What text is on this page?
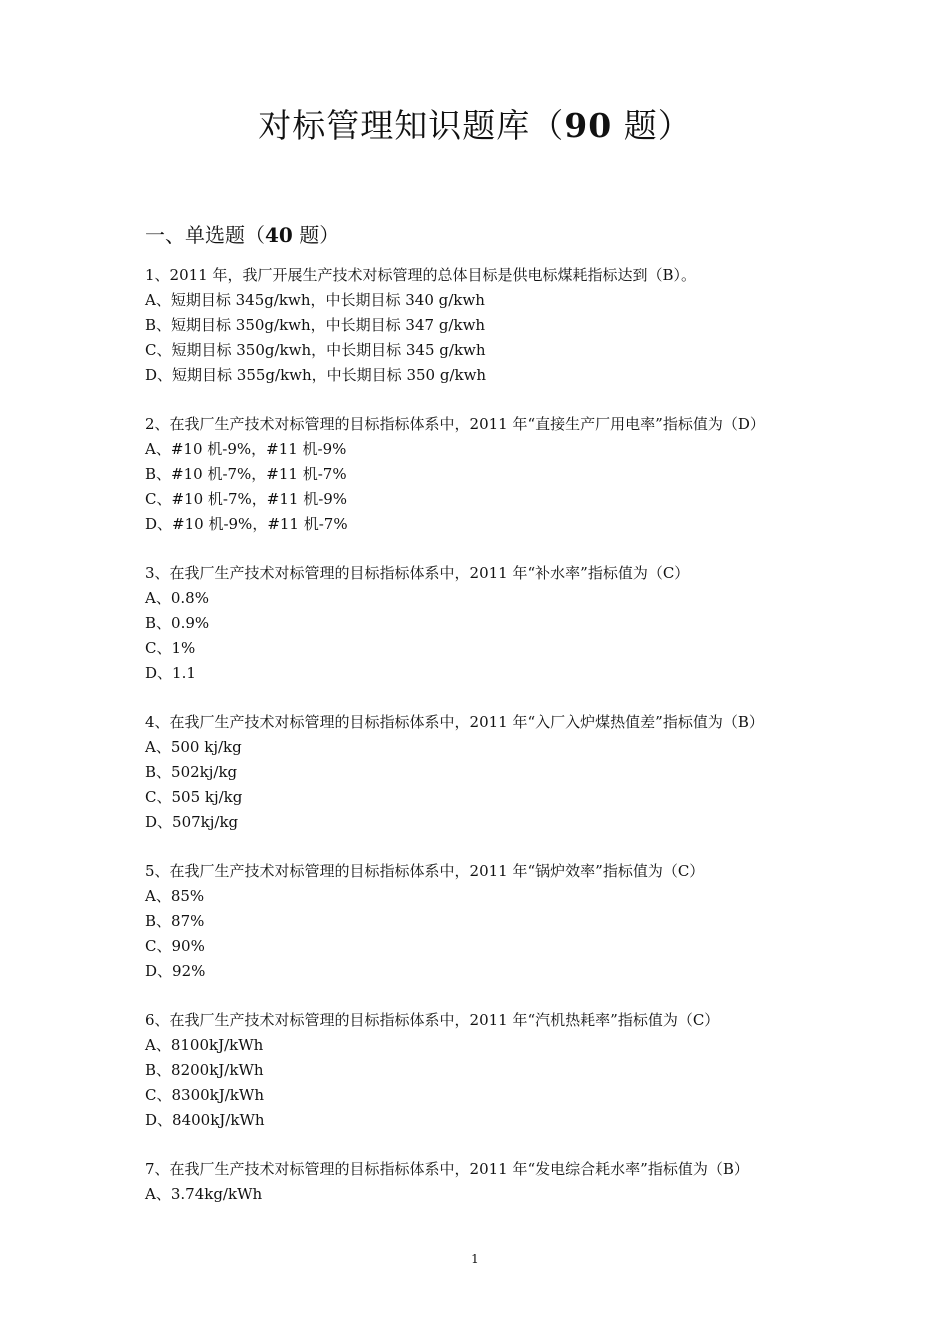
对标管理知识题库（90 题）
一、单选题（40 题）
1、2011 年，我厂开展生产技术对标管理的总体目标是供电标煤耗指标达到（B）。
A、短期目标 345g/kwh，中长期目标 340 g/kwh
B、短期目标 350g/kwh，中长期目标 347 g/kwh
C、短期目标 350g/kwh，中长期目标 345 g/kwh
D、短期目标 355g/kwh，中长期目标 350 g/kwh
2、在我厂生产技术对标管理的目标指标体系中，2011 年“直接生产厂用电率”指标值为（D）
A、#10 机-9%，#11 机-9%
B、#10 机-7%，#11 机-7%
C、#10 机-7%，#11 机-9%
D、#10 机-9%，#11 机-7%
3、在我厂生产技术对标管理的目标指标体系中，2011 年“补水率”指标值为（C）
A、0.8%
B、0.9%
C、1%
D、1.1
4、在我厂生产技术对标管理的目标指标体系中，2011 年“入厂入炉煤热值差”指标值为（B）
A、500 kj/kg
B、502kj/kg
C、505 kj/kg
D、507kj/kg
5、在我厂生产技术对标管理的目标指标体系中，2011 年“锅炉效率”指标值为（C）
A、85%
B、87%
C、90%
D、92%
6、在我厂生产技术对标管理的目标指标体系中，2011 年“汽机热耗率”指标值为（C）
A、8100kJ/kWh
B、8200kJ/kWh
C、8300kJ/kWh
D、8400kJ/kWh
7、在我厂生产技术对标管理的目标指标体系中，2011 年“发电综合耗水率”指标值为（B）
A、3.74kg/kWh
1
